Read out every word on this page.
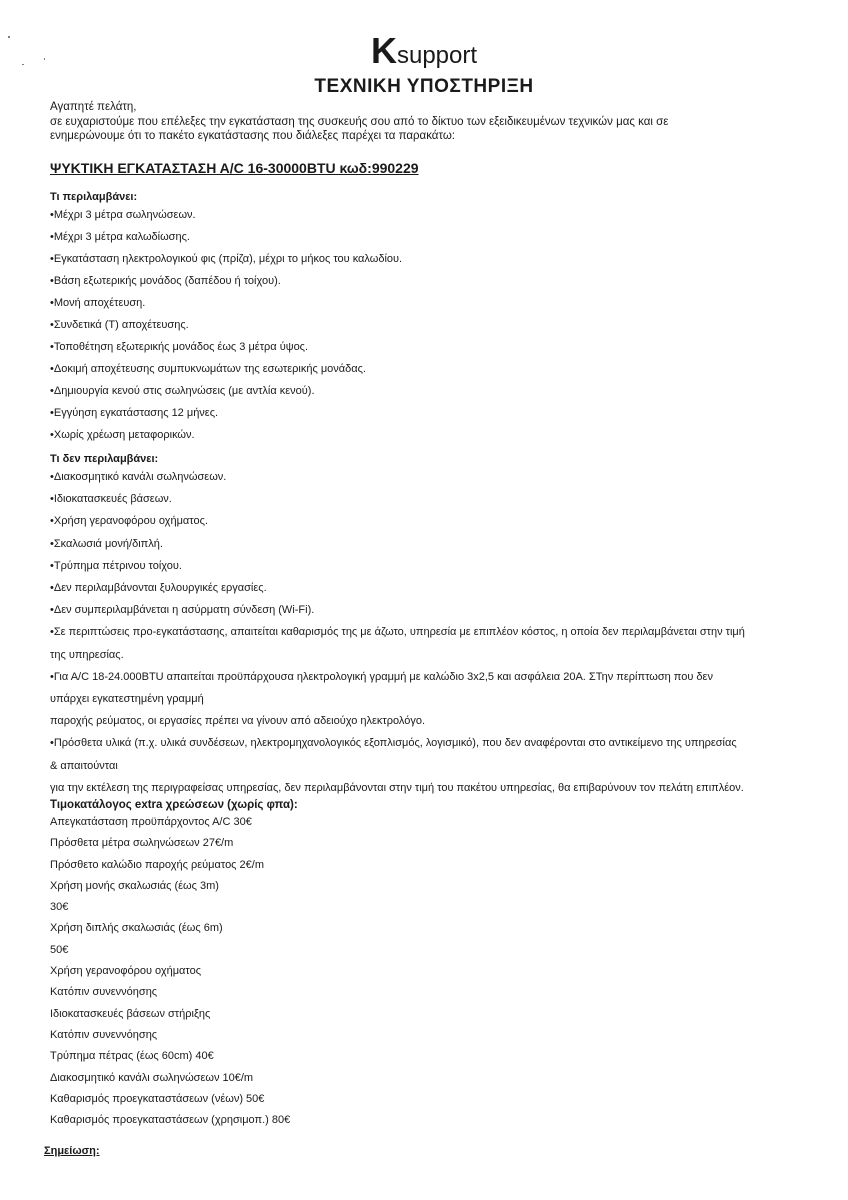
Ksupport
ΤΕΧΝΙΚΗ ΥΠΟΣΤΗΡΙΞΗ

Αγαπητέ πελάτη,

σε ευχαριστούμε που επέλεξες την εγκατάσταση της συσκευής σου από το δίκτυο των εξειδικευμένων τεχνικών μας και σε

ενημερώνουμε ότι το πακέτο εγκατάστασης που διάλεξες παρέχει τα παρακάτω:

ΨΥΚΤΙΚΗ ΕΓΚΑΤΑΣΤΑΣΗ Α/C 16-30000BTU κωδ:990229
Τι περιλαμβάνει:

•Μέχρι 3 μέτρα σωληνώσεων.

•Μέχρι 3 μέτρα καλωδίωσης.

•Εγκατάσταση ηλεκτρολογικού φις (πρίζα), μέχρι το μήκος του καλωδίου.

•Βάση εξωτερικής μονάδος (δαπέδου ή τοίχου).

•Μονή αποχέτευση.

•Συνδετικά (Τ) αποχέτευσης.

•Τοποθέτηση εξωτερικής μονάδος έως 3 μέτρα ύψος.

•Δοκιμή αποχέτευσης συμπυκνωμάτων της εσωτερικής μονάδας.

•Δημιουργία κενού στις σωληνώσεις (με αντλία κενού).

•Εγγύηση εγκατάστασης 12 μήνες.

•Χωρίς χρέωση μεταφορικών.

Τι δεν περιλαμβάνει:

•Διακοσμητικό κανάλι σωληνώσεων.

•Ιδιοκατασκευές βάσεων.

•Χρήση γερανοφόρου οχήματος.

•Σκαλωσιά μονή/διπλή.

•Τρύπημα πέτρινου τοίχου.

•Δεν περιλαμβάνονται ξυλουργικές εργασίες.

•Δεν συμπεριλαμβάνεται η ασύρματη σύνδεση (Wi-Fi).

•Σε περιπτώσεις προ-εγκατάστασης, απαιτείται καθαρισμός της με άζωτο, υπηρεσία με επιπλέον κόστος, η οποία δεν περιλαμβάνεται στην τιμή

της υπηρεσίας.

•Για Α/C 18-24.000BTU απαιτείται προϋπάρχουσα ηλεκτρολογική γραμμή με καλώδιο 3x2,5 και ασφάλεια 20Α. ΣΤην περίπτωση που δεν

υπάρχει εγκατεστημένη γραμμή

παροχής ρεύματος, οι εργασίες πρέπει να γίνουν από αδειούχο ηλεκτρολόγο.

•Πρόσθετα υλικά (π.χ. υλικά συνδέσεων, ηλεκτρομηχανολογικός εξοπλισμός, λογισμικό), που δεν αναφέρονται στο αντικείμενο της υπηρεσίας

& απαιτούνται

για την εκτέλεση της περιγραφείσας υπηρεσίας, δεν περιλαμβάνονται στην τιμή του πακέτου υπηρεσίας, θα επιβαρύνουν τον πελάτη επιπλέον.

Τιμοκατάλογος extra χρεώσεων (χωρίς φπα):

Απεγκατάσταση προϋπάρχοντος Α/C 30€

Πρόσθετα μέτρα σωληνώσεων 27€/m

Πρόσθετο καλώδιο παροχής ρεύματος 2€/m

Χρήση μονής σκαλωσιάς (έως 3m)

30€

Χρήση διπλής σκαλωσιάς (έως 6m)

50€

Χρήση γερανοφόρου οχήματος

Κατόπιν συνεννόησης

Ιδιοκατασκευές βάσεων στήριξης

Κατόπιν συνεννόησης

Τρύπημα πέτρας (έως 60cm) 40€

Διακοσμητικό κανάλι σωληνώσεων 10€/m

Καθαρισμός προεγκαταστάσεων (νέων) 50€

Καθαρισμός προεγκαταστάσεων (χρησιμοπ.) 80€

Σημείωση:
